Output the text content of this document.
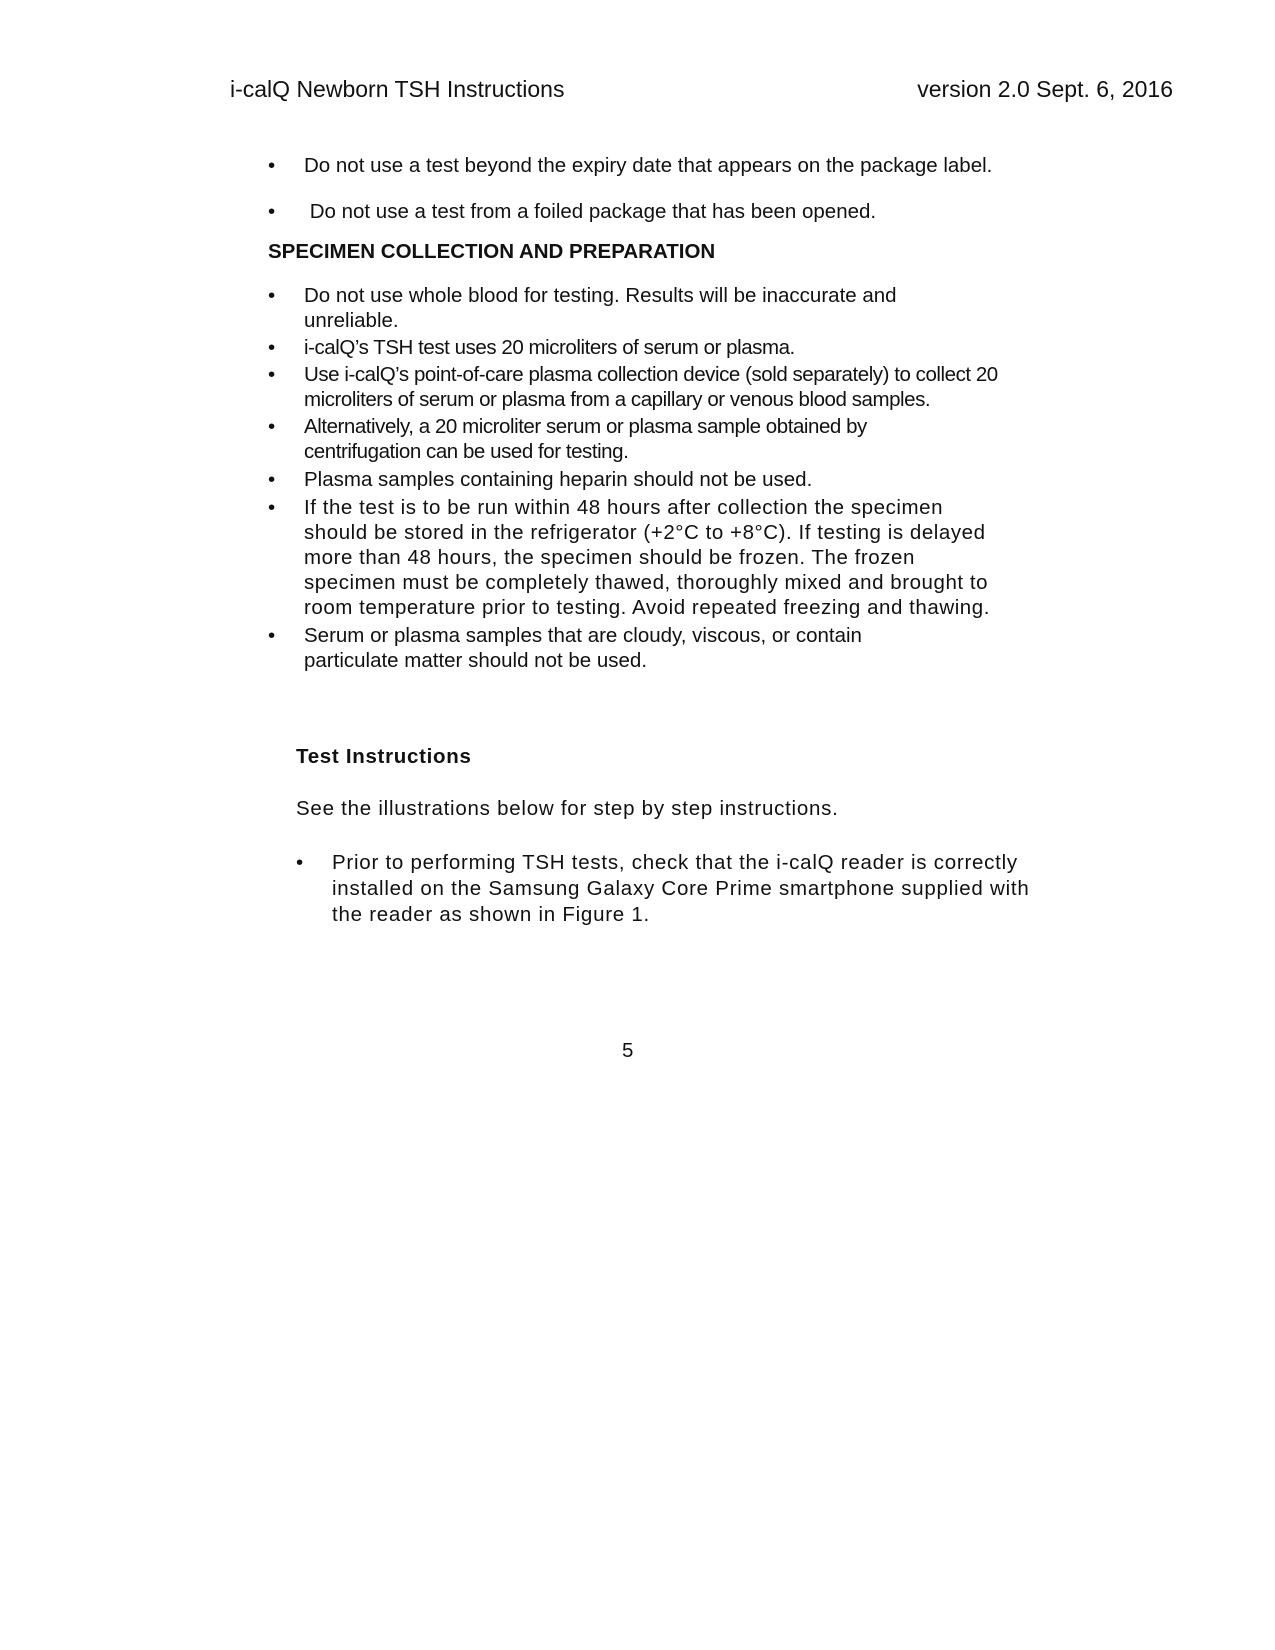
i-calQ Newborn TSH Instructions	version 2.0 Sept. 6, 2016
• Do not use a test beyond the expiry date that appears on the package label.
• Do not use a test from a foiled package that has been opened.
SPECIMEN COLLECTION AND PREPARATION
• Do not use whole blood for testing. Results will be inaccurate and unreliable.
• i-calQ’s TSH test uses 20 microliters of serum or plasma.
• Use i-calQ’s point-of-care plasma collection device (sold separately) to collect 20 microliters of serum or plasma from a capillary or venous blood samples.
• Alternatively, a 20 microliter serum or plasma sample obtained by centrifugation can be used for testing.
• Plasma samples containing heparin should not be used.
• If the test is to be run within 48 hours after collection the specimen should be stored in the refrigerator (+2°C to +8°C). If testing is delayed more than 48 hours, the specimen should be frozen. The frozen specimen must be completely thawed, thoroughly mixed and brought to room temperature prior to testing. Avoid repeated freezing and thawing.
• Serum or plasma samples that are cloudy, viscous, or contain particulate matter should not be used.
Test Instructions
See the illustrations below for step by step instructions.
• Prior to performing TSH tests, check that the i-calQ reader is correctly installed on the Samsung Galaxy Core Prime smartphone supplied with the reader as shown in Figure 1.
5
